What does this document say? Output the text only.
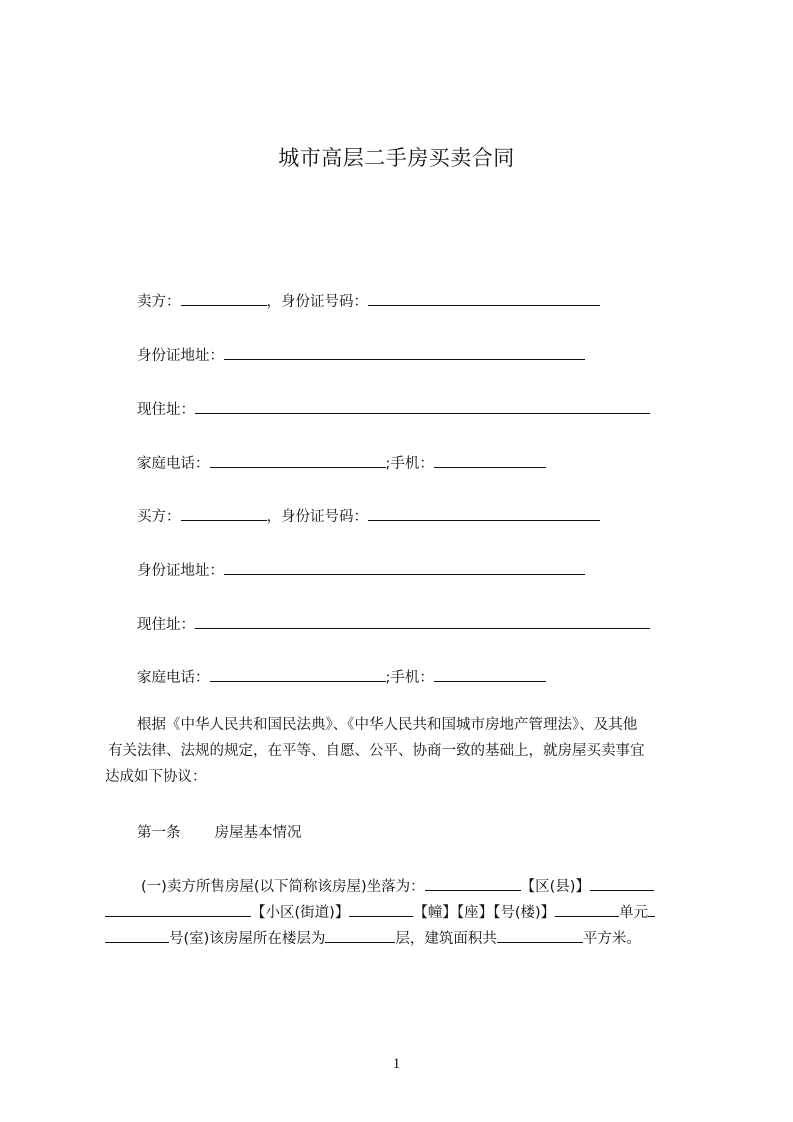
城市高层二手房买卖合同
卖方：	，身份证号码：
身份证地址：
现住址：
家庭电话：	;手机：
买方：	，身份证号码：
身份证地址：
现住址：
家庭电话：	;手机：
根据《中华人民共和国民法典》、《中华人民共和国城市房地产管理法》、及其他
有关法律、法规的规定，在平等、自愿、公平、协商一致的基础上，就房屋买卖事宜
达成如下协议：
第一条 房屋基本情况
(一)卖方所售房屋(以下简称该房屋)坐落为：	【区(县)】
【小区(街道)】	【幢】【座】【号(楼)】	单元
号(室)该房屋所在楼层为	层，建筑面积共	平方米。
1
